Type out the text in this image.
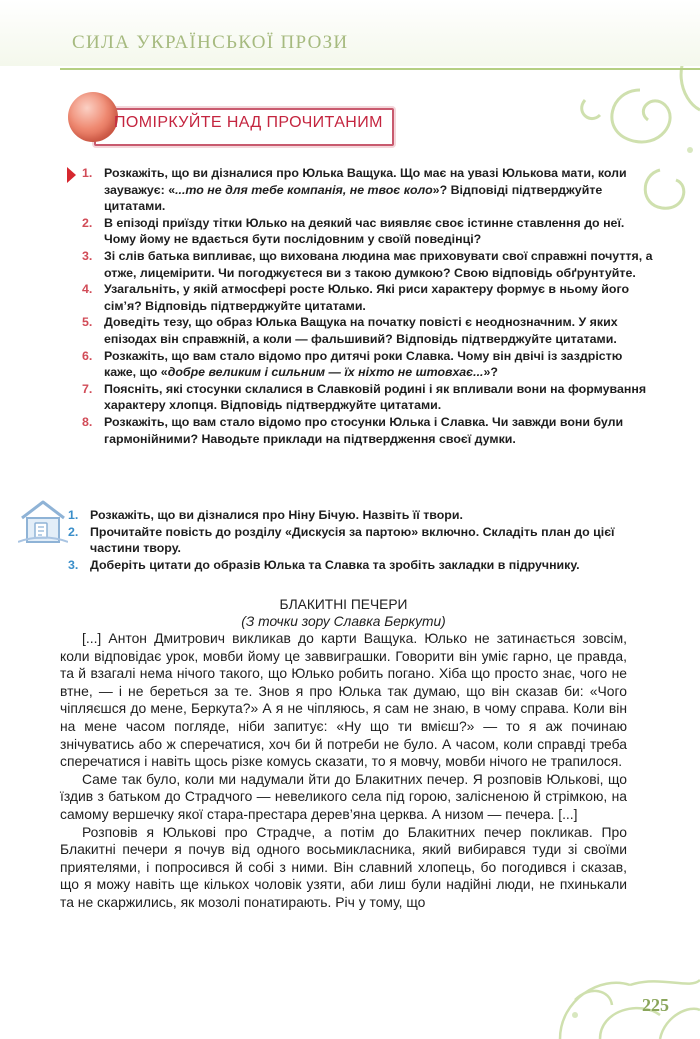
СИЛА УКРАЇНСЬКОЇ ПРОЗИ
ПОМІРКУЙТЕ НАД ПРОЧИТАНИМ
1. Розкажіть, що ви дізналися про Юлька Ващука. Що має на увазі Юлькова мати, коли зауважує: «...то не для тебе компанія, не твоє коло»? Відповіді підтверджуйте цитатами.
2. В епізоді приїзду тітки Юлько на деякий час виявляє своє істинне ставлення до неї. Чому йому не вдається бути послідовним у своїй поведінці?
3. Зі слів батька випливає, що вихована людина має приховувати свої справжні почуття, а отже, лицемірити. Чи погоджуєтеся ви з такою думкою? Свою відповідь обґрунтуйте.
4. Узагальніть, у якій атмосфері росте Юлько. Які риси характеру формує в ньому його сім’я? Відповідь підтверджуйте цитатами.
5. Доведіть тезу, що образ Юлька Ващука на початку повісті є неоднозначним. У яких епізодах він справжній, а коли — фальшивий? Відповідь підтверджуйте цитатами.
6. Розкажіть, що вам стало відомо про дитячі роки Славка. Чому він двічі із заздрістю каже, що «добре великим і сильним — їх ніхто не штовхає...»?
7. Поясніть, які стосунки склалися в Славковій родині і як впливали вони на формування характеру хлопця. Відповідь підтверджуйте цитатами.
8. Розкажіть, що вам стало відомо про стосунки Юлька і Славка. Чи завжди вони були гармонійними? Наводьте приклади на підтвердження своєї думки.
1. Розкажіть, що ви дізналися про Ніну Бічую. Назвіть її твори.
2. Прочитайте повість до розділу «Дискусія за партою» включно. Складіть план до цієї частини твору.
3. Доберіть цитати до образів Юлька та Славка та зробіть закладки в підручнику.
БЛАКИТНІ ПЕЧЕРИ
(З точки зору Славка Беркути)

[...] Антон Дмитрович викликав до карти Ващука. Юлько не затинається зовсім, коли відповідає урок, мовби йому це заввиграшки. Говорити він уміє гарно, це правда, та й взагалі нема нічого такого, що Юлько робить погано. Хіба що просто знає, чого не втне, — і не береться за те. Знов я про Юлька так думаю, що він сказав би: «Чого чіпляєшся до мене, Беркута?» А я не чіпляюсь, я сам не знаю, в чому справа. Коли він на мене часом погляде, ніби запитує: «Ну що ти вмієш?» — то я аж починаю знічуватись або ж сперечатися, хоч би й потреби не було. А часом, коли справді треба сперечатися і навіть щось різке комусь сказати, то я мовчу, мовби нічого не трапилося.

Саме так було, коли ми надумали йти до Блакитних печер. Я розповів Юлькові, що їздив з батьком до Страдчого — невеликого села під горою, залісненою й стрімкою, на самому вершечку якої стара-престара дерев’яна церква. А низом — печера. [...]

Розповів я Юлькові про Страдче, а потім до Блакитних печер покликав. Про Блакитні печери я почув від одного восьмикласника, який вибирався туди зі своїми приятелями, і попросився й собі з ними. Він славний хлопець, бо погодився і сказав, що я можу навіть ще кількох чоловік узяти, аби лиш були надійні люди, не пхинькали та не скаржились, як мозолі понатирають. Річ у тому, що

225
